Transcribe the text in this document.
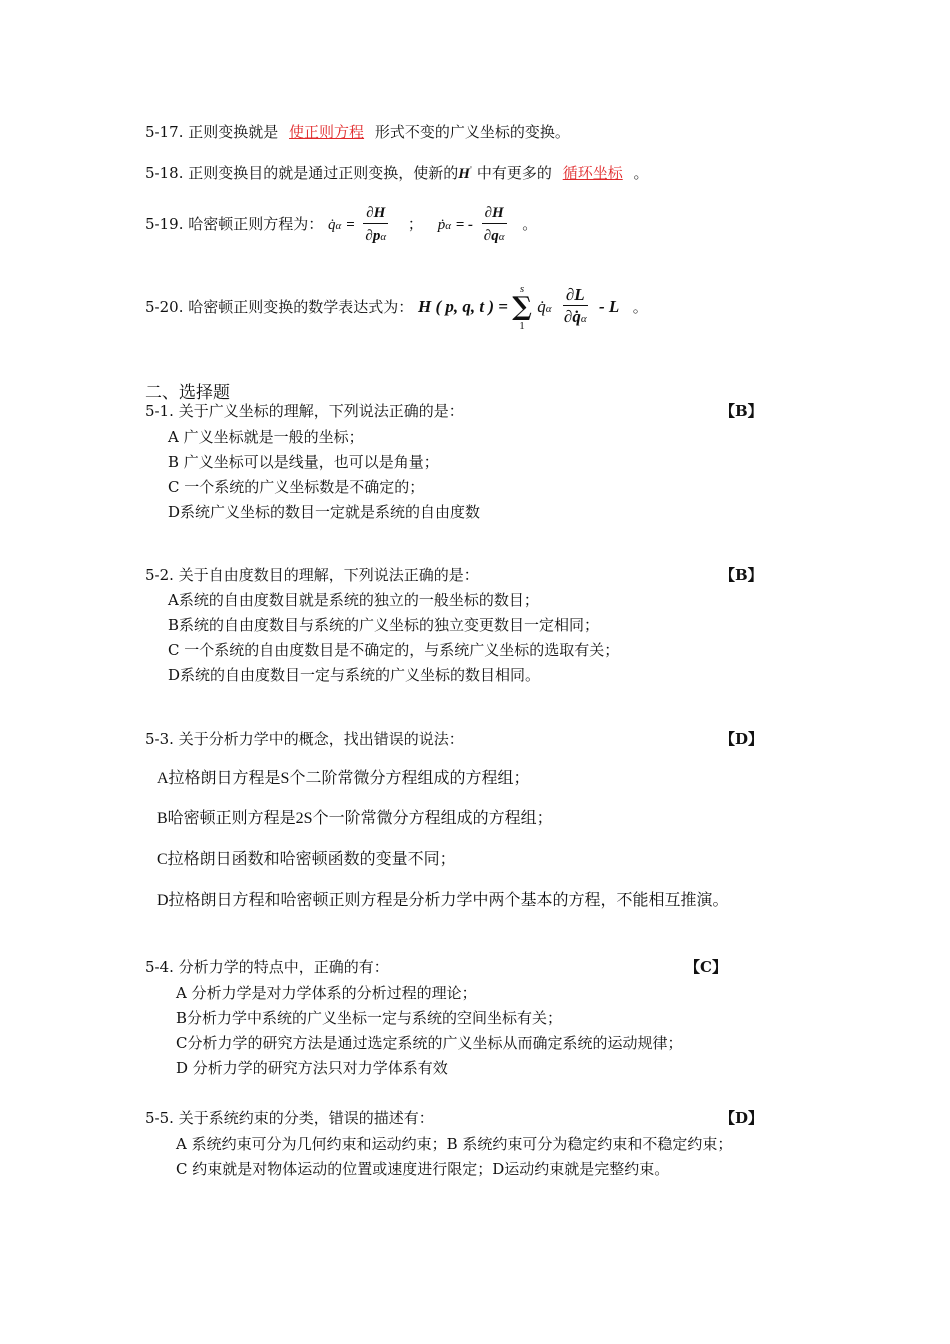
5-17. 正则变换就是 使正则方程 形式不变的广义坐标的变换。
5-18. 正则变换目的就是通过正则变换，使新的H' 中有更多的 循环坐标 。
5-19. 哈密顿正则方程为： q̇α = $\frac{\partial H}{\partial p\alpha}$ ； ṗα = - $\frac{\partial H}{\partial q\alpha}$ 。
5-20. 哈密顿正则变换的数学表达式为： H ( p, q, t ) =
s
∑
1
q̇α $\frac{\partial L}{\partial q̇\alpha}$ - L 。
二、选择题
5-1. 关于广义坐标的理解，下列说法正确的是：	【B】
A 广义坐标就是一般的坐标；
B 广义坐标可以是线量，也可以是角量；
C 一个系统的广义坐标数是不确定的；
D系统广义坐标的数目一定就是系统的自由度数
5-2. 关于自由度数目的理解，下列说法正确的是：	【B】
A系统的自由度数目就是系统的独立的一般坐标的数目；
B系统的自由度数目与系统的广义坐标的独立变更数目一定相同；
C 一个系统的自由度数目是不确定的，与系统广义坐标的选取有关；
D系统的自由度数目一定与系统的广义坐标的数目相同。
5-3. 关于分析力学中的概念，找出错误的说法：	【D】
A拉格朗日方程是S个二阶常微分方程组成的方程组；
B哈密顿正则方程是2S个一阶常微分方程组成的方程组；
C拉格朗日函数和哈密顿函数的变量不同；
D拉格朗日方程和哈密顿正则方程是分析力学中两个基本的方程，不能相互推演。
5-4. 分析力学的特点中，正确的有：	【C】
A 分析力学是对力学体系的分析过程的理论；
B分析力学中系统的广义坐标一定与系统的空间坐标有关；
C分析力学的研究方法是通过选定系统的广义坐标从而确定系统的运动规律；
D 分析力学的研究方法只对力学体系有效
5-5. 关于系统约束的分类，错误的描述有：	【D】
A 系统约束可分为几何约束和运动约束；B 系统约束可分为稳定约束和不稳定约束；
C 约束就是对物体运动的位置或速度进行限定；D运动约束就是完整约束。
